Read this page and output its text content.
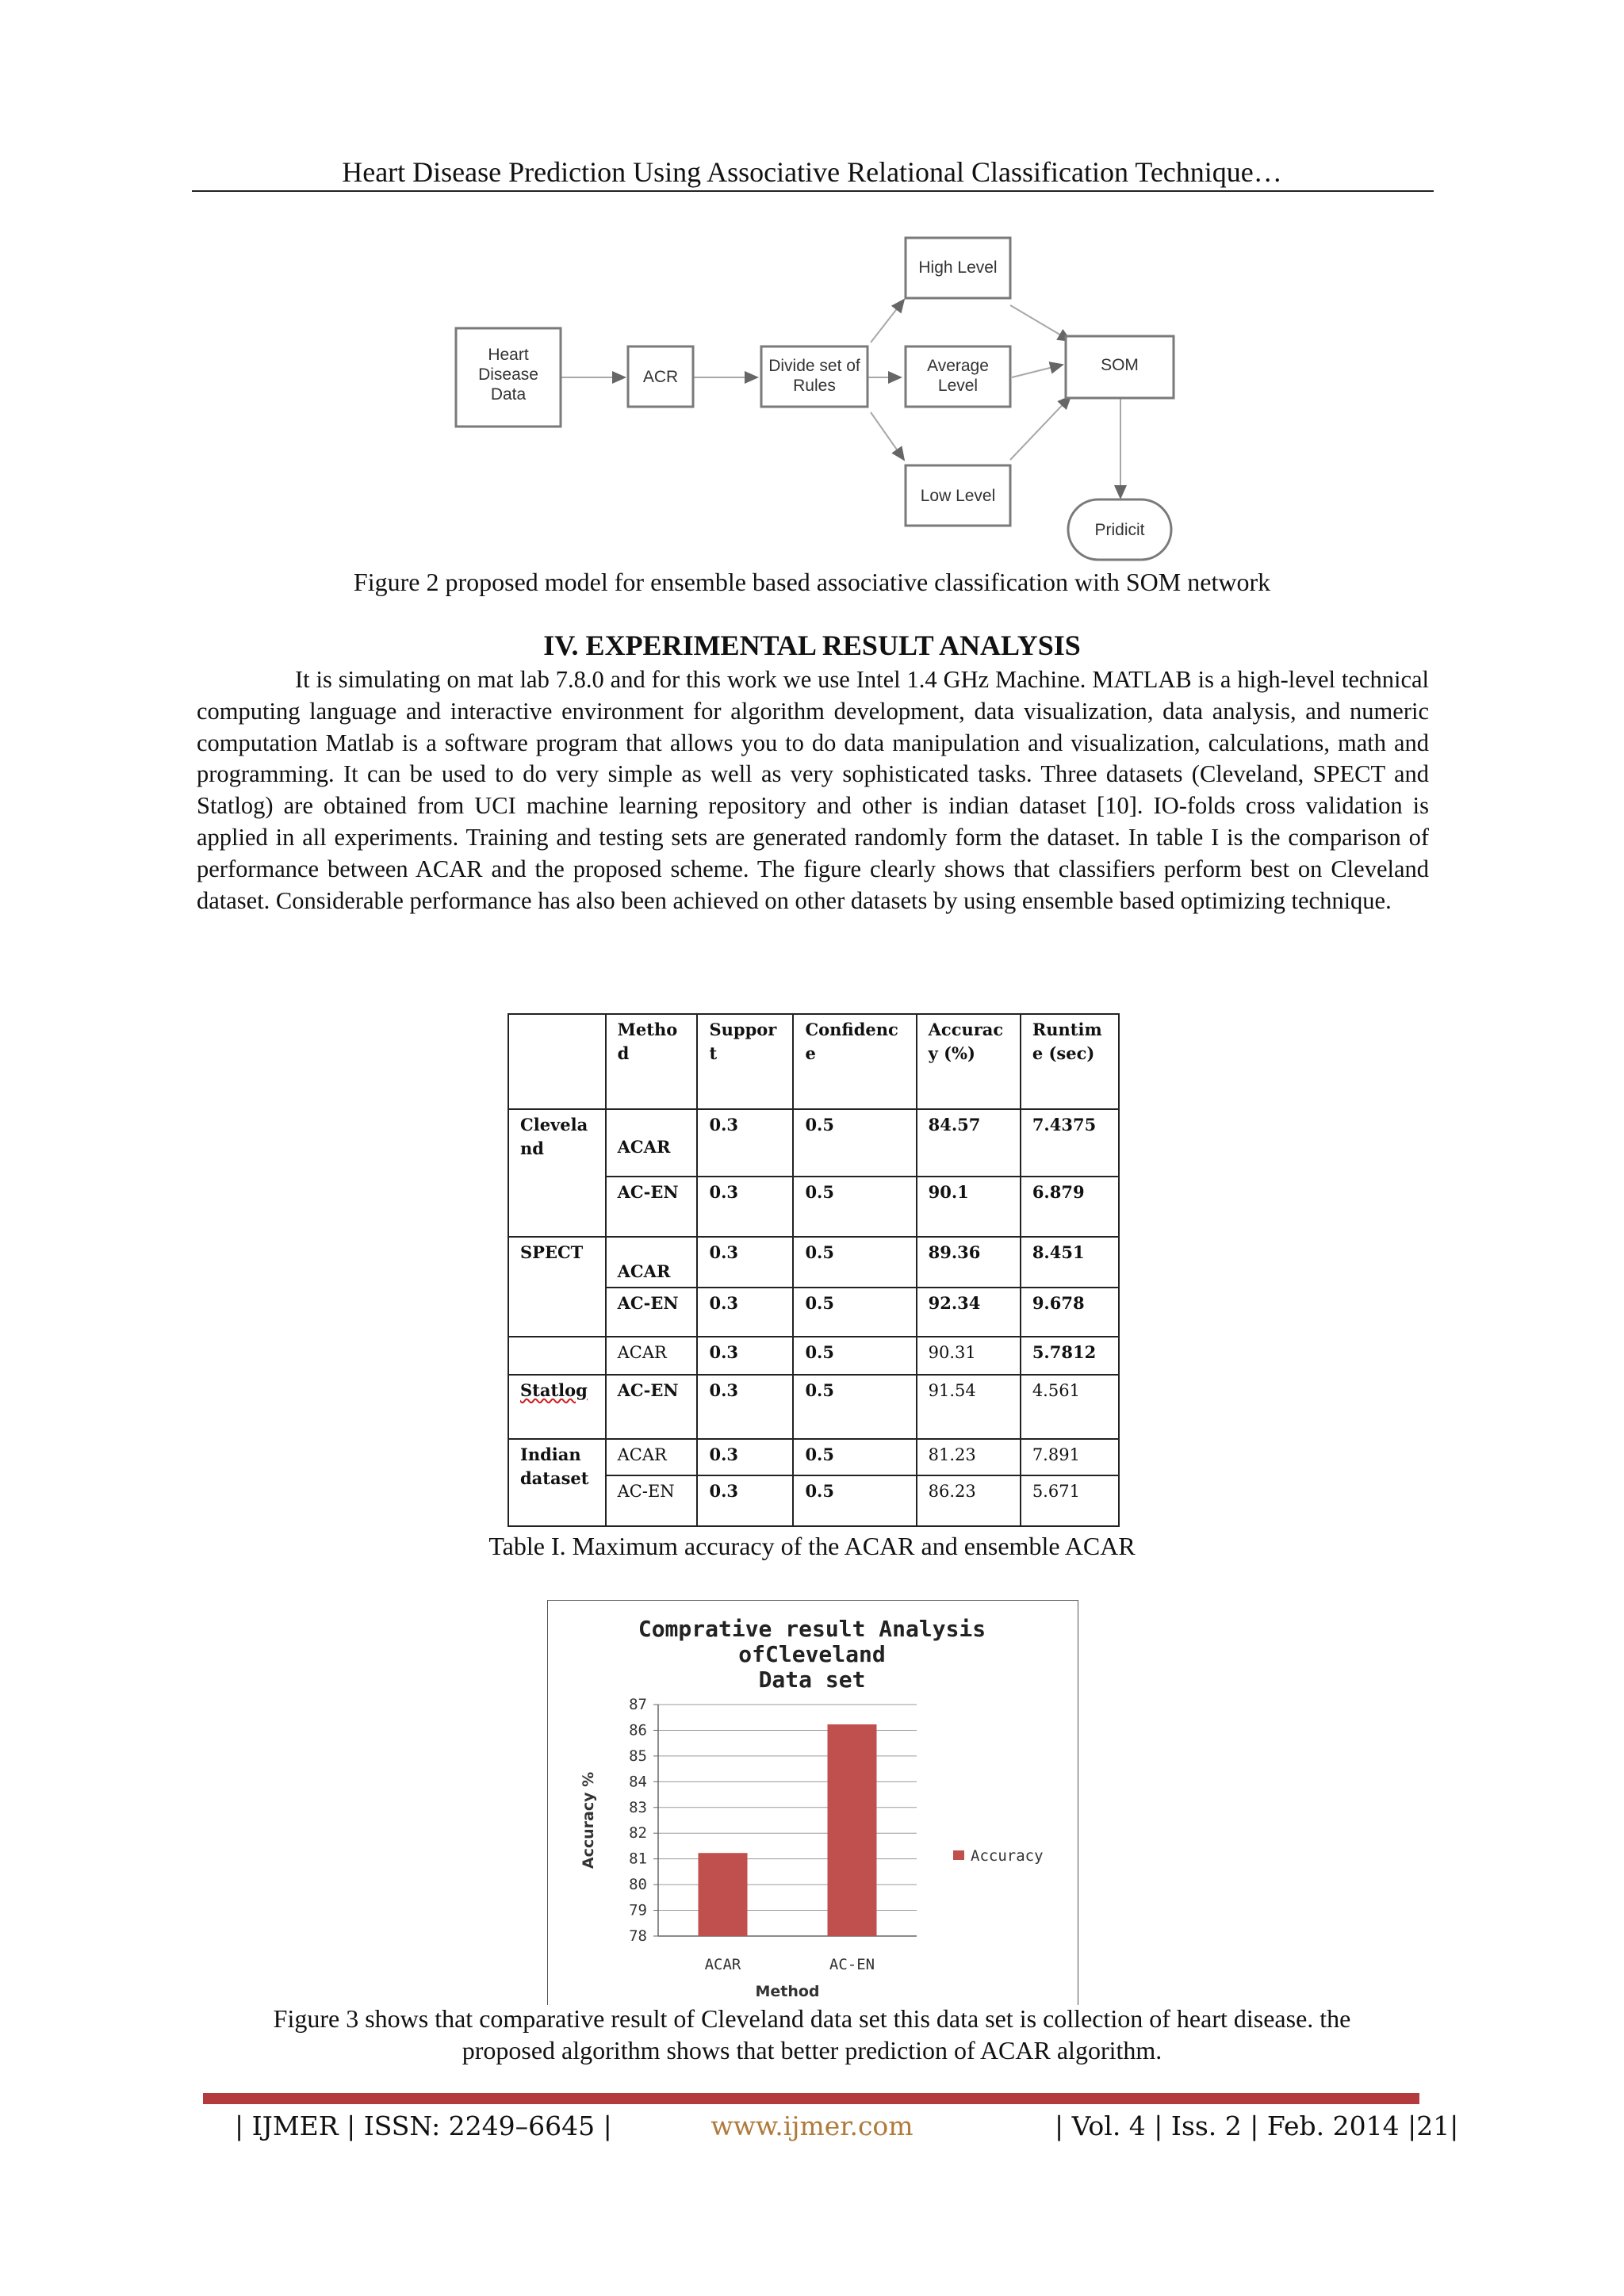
Heart Disease Prediction Using Associative Relational Classification Technique…
Heart
Disease
Data
ACR
Divide set of
Rules
High Level
Average
Level
Low Level
SOM
Pridicit
Figure 2 proposed model for ensemble based associative classification with SOM network
IV. EXPERIMENTAL RESULT ANALYSIS

It is simulating on mat lab 7.8.0 and for this work we use Intel 1.4 GHz Machine. MATLAB is a high-level technical computing language and interactive environment for algorithm development, data visualization, data analysis, and numeric computation Matlab is a software program that allows you to do data manipulation and visualization, calculations, math and programming. It can be used to do very simple as well as very sophisticated tasks. Three datasets (Cleveland, SPECT and Statlog) are obtained from UCI machine learning repository and other is indian dataset [10]. IO-folds cross validation is applied in all experiments. Training and testing sets are generated randomly form the dataset. In table I is the comparison of performance between ACAR and the proposed scheme. The figure clearly shows that classifiers perform best on Cleveland dataset. Considerable performance has also been achieved on other datasets by using ensemble based optimizing technique.

	Metho d	Suppor t	Confidenc e	Accurac y (%)	Runtim e (sec)
Clevela nd	ACAR	0.3	0.5	84.57	7.4375
	AC-EN	0.3	0.5	90.1	6.879
SPECT	ACAR	0.3	0.5	89.36	8.451
	AC-EN	0.3	0.5	92.34	9.678
	ACAR	0.3	0.5	90.31	5.7812
Statlog	AC-EN	0.3	0.5	91.54	4.561
Indian dataset	ACAR	0.3	0.5	81.23	7.891
	AC-EN	0.3	0.5	86.23	5.671
Table I. Maximum accuracy of the ACAR and ensemble ACAR
Comprative result Analysis
ofCleveland
Data set
78
79
80
81
82
83
84
85
86
87
ACAR	AC-EN
Accuracy %
Method
Accuracy
Figure 3 shows that comparative result of Cleveland data set this data set is collection of heart disease. the
proposed algorithm shows that better prediction of ACAR algorithm.
| IJMER | ISSN: 2249–6645 |	www.ijmer.com	| Vol. 4 | Iss. 2 | Feb. 2014 |21|
